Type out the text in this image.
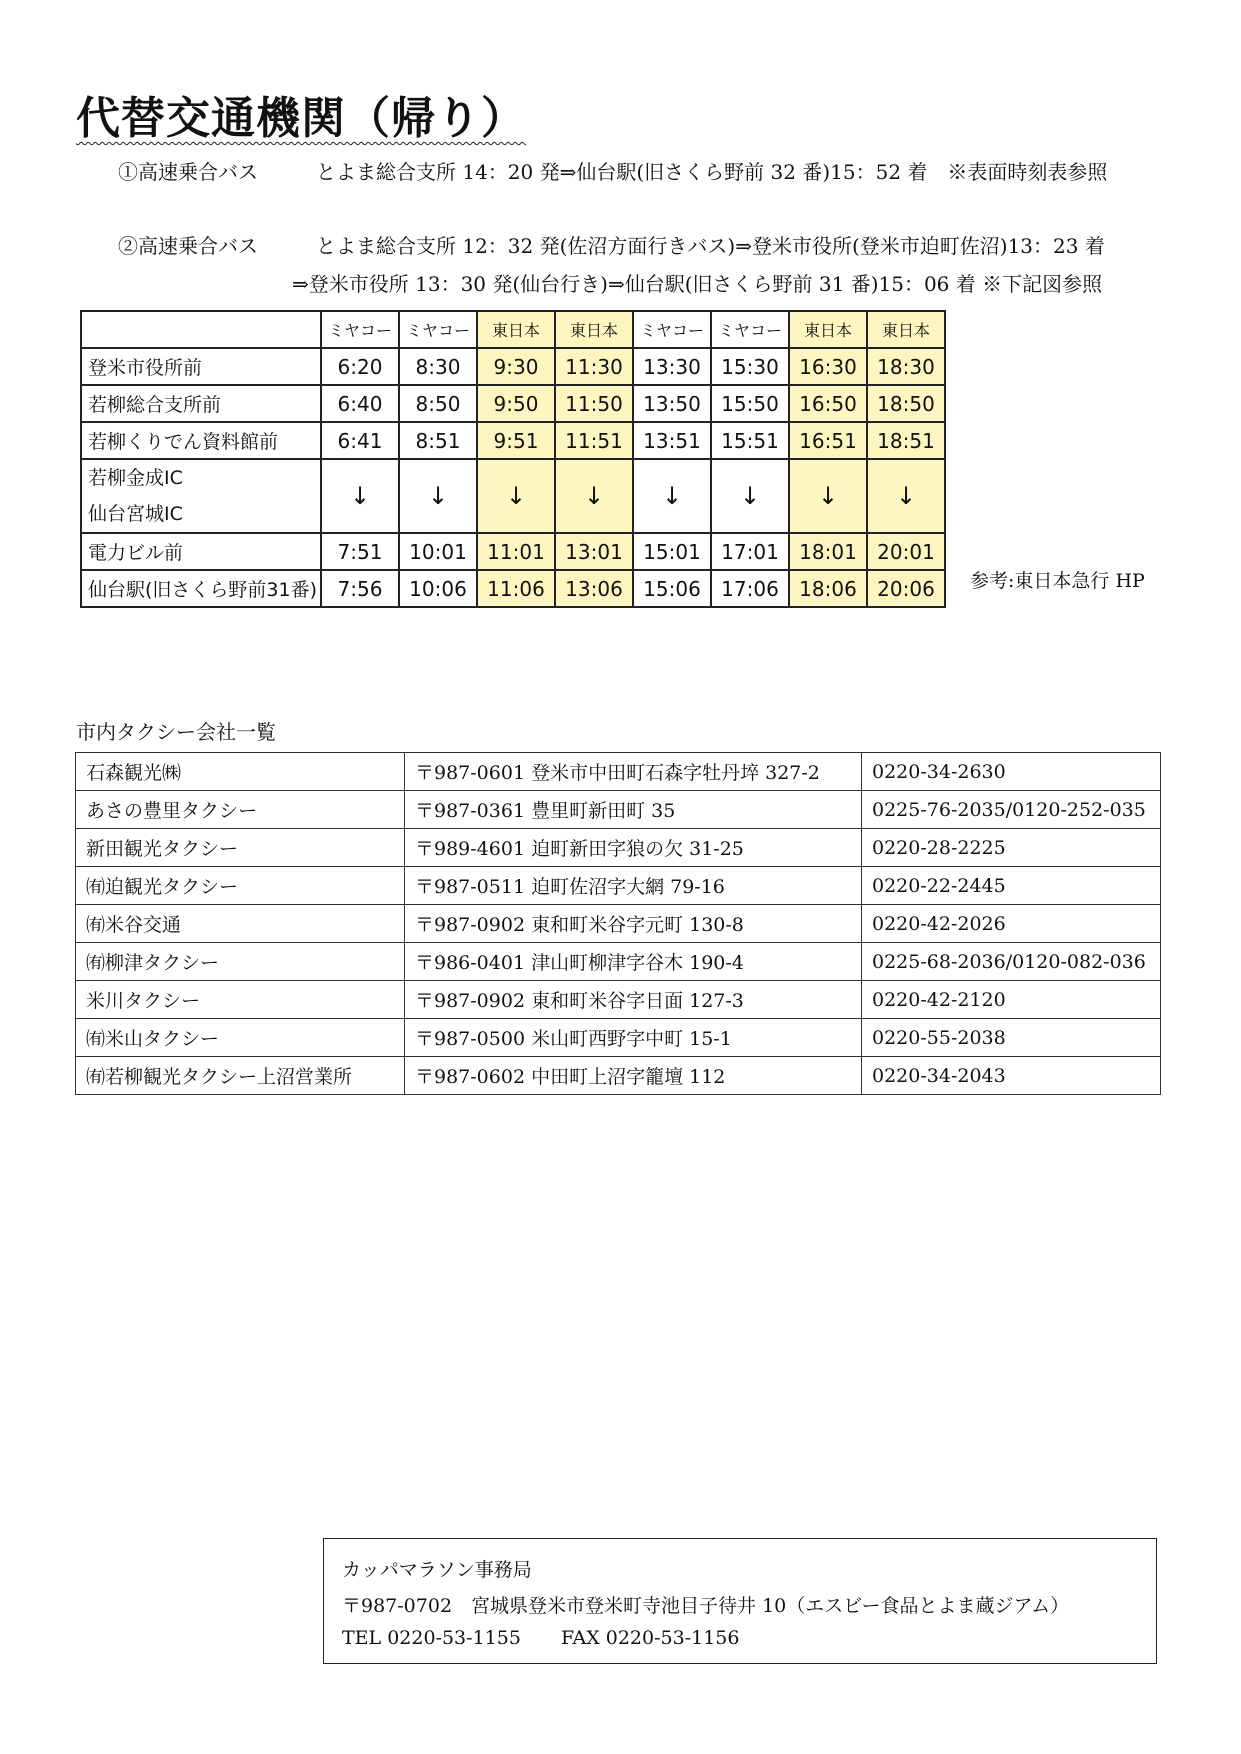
代替交通機関（帰り）
①高速乗合バス	とよま総合支所 14：20 発⇒仙台駅(旧さくら野前 32 番)15：52 着　※表面時刻表参照
②高速乗合バス	とよま総合支所 12：32 発(佐沼方面行きバス)⇒登米市役所(登米市迫町佐沼)13：23 着
⇒登米市役所 13：30 発(仙台行き)⇒仙台駅(旧さくら野前 31 番)15：06 着 ※下記図参照
	ミヤコー	ミヤコー	東日本	東日本	ミヤコー	ミヤコー	東日本	東日本
登米市役所前	6:20	8:30	9:30	11:30	13:30	15:30	16:30	18:30
若柳総合支所前	6:40	8:50	9:50	11:50	13:50	15:50	16:50	18:50
若柳くりでん資料館前	6:41	8:51	9:51	11:51	13:51	15:51	16:51	18:51
若柳金成IC
仙台宮城IC	↓	↓	↓	↓	↓	↓	↓	↓
電力ビル前	7:51	10:01	11:01	13:01	15:01	17:01	18:01	20:01
仙台駅(旧さくら野前31番)	7:56	10:06	11:06	13:06	15:06	17:06	18:06	20:06 参考:東日本急行 HP
市内タクシー会社一覧
石森観光㈱	〒987-0601 登米市中田町石森字牡丹埣 327-2	0220-34-2630
あさの豊里タクシー	〒987-0361 豊里町新田町 35	0225-76-2035/0120-252-035
新田観光タクシー	〒989-4601 迫町新田字狼の欠 31-25	0220-28-2225
㈲迫観光タクシー	〒987-0511 迫町佐沼字大網 79-16	0220-22-2445
㈲米谷交通	〒987-0902 東和町米谷字元町 130-8	0220-42-2026
㈲柳津タクシー	〒986-0401 津山町柳津字谷木 190-4	0225-68-2036/0120-082-036
米川タクシー	〒987-0902 東和町米谷字日面 127-3	0220-42-2120
㈲米山タクシー	〒987-0500 米山町西野字中町 15-1	0220-55-2038
㈲若柳観光タクシー上沼営業所	〒987-0602 中田町上沼字籠壇 112	0220-34-2043
カッパマラソン事務局
〒987-0702　宮城県登米市登米町寺池目子待井 10（エスビー食品とよま蔵ジアム）
TEL 0220-53-1155 FAX 0220-53-1156
